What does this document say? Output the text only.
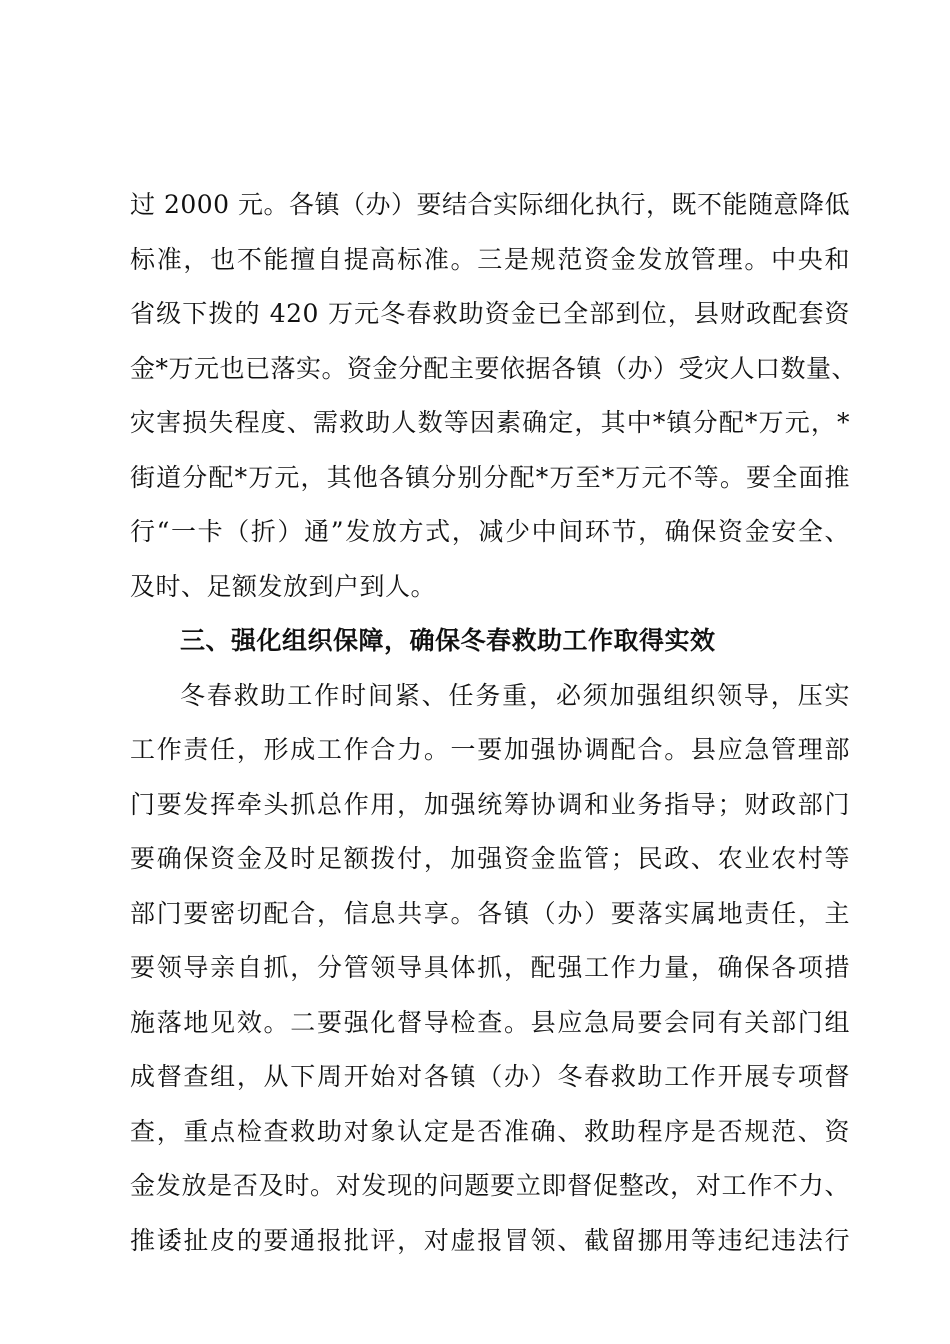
过 2000 元。各镇（办）要结合实际细化执行，既不能随意降低
标准，也不能擅自提高标准。三是规范资金发放管理。中央和
省级下拨的 420 万元冬春救助资金已全部到位，县财政配套资
金*万元也已落实。资金分配主要依据各镇（办）受灾人口数量、
灾害损失程度、需救助人数等因素确定，其中*镇分配*万元，*
街道分配*万元，其他各镇分别分配*万至*万元不等。要全面推
行“一卡（折）通”发放方式，减少中间环节，确保资金安全、
及时、足额发放到户到人。
三、强化组织保障，确保冬春救助工作取得实效
冬春救助工作时间紧、任务重，必须加强组织领导，压实
工作责任，形成工作合力。一要加强协调配合。县应急管理部
门要发挥牵头抓总作用，加强统筹协调和业务指导；财政部门
要确保资金及时足额拨付，加强资金监管；民政、农业农村等
部门要密切配合，信息共享。各镇（办）要落实属地责任，主
要领导亲自抓，分管领导具体抓，配强工作力量，确保各项措
施落地见效。二要强化督导检查。县应急局要会同有关部门组
成督查组，从下周开始对各镇（办）冬春救助工作开展专项督
查，重点检查救助对象认定是否准确、救助程序是否规范、资
金发放是否及时。对发现的问题要立即督促整改，对工作不力、
推诿扯皮的要通报批评，对虚报冒领、截留挪用等违纪违法行
